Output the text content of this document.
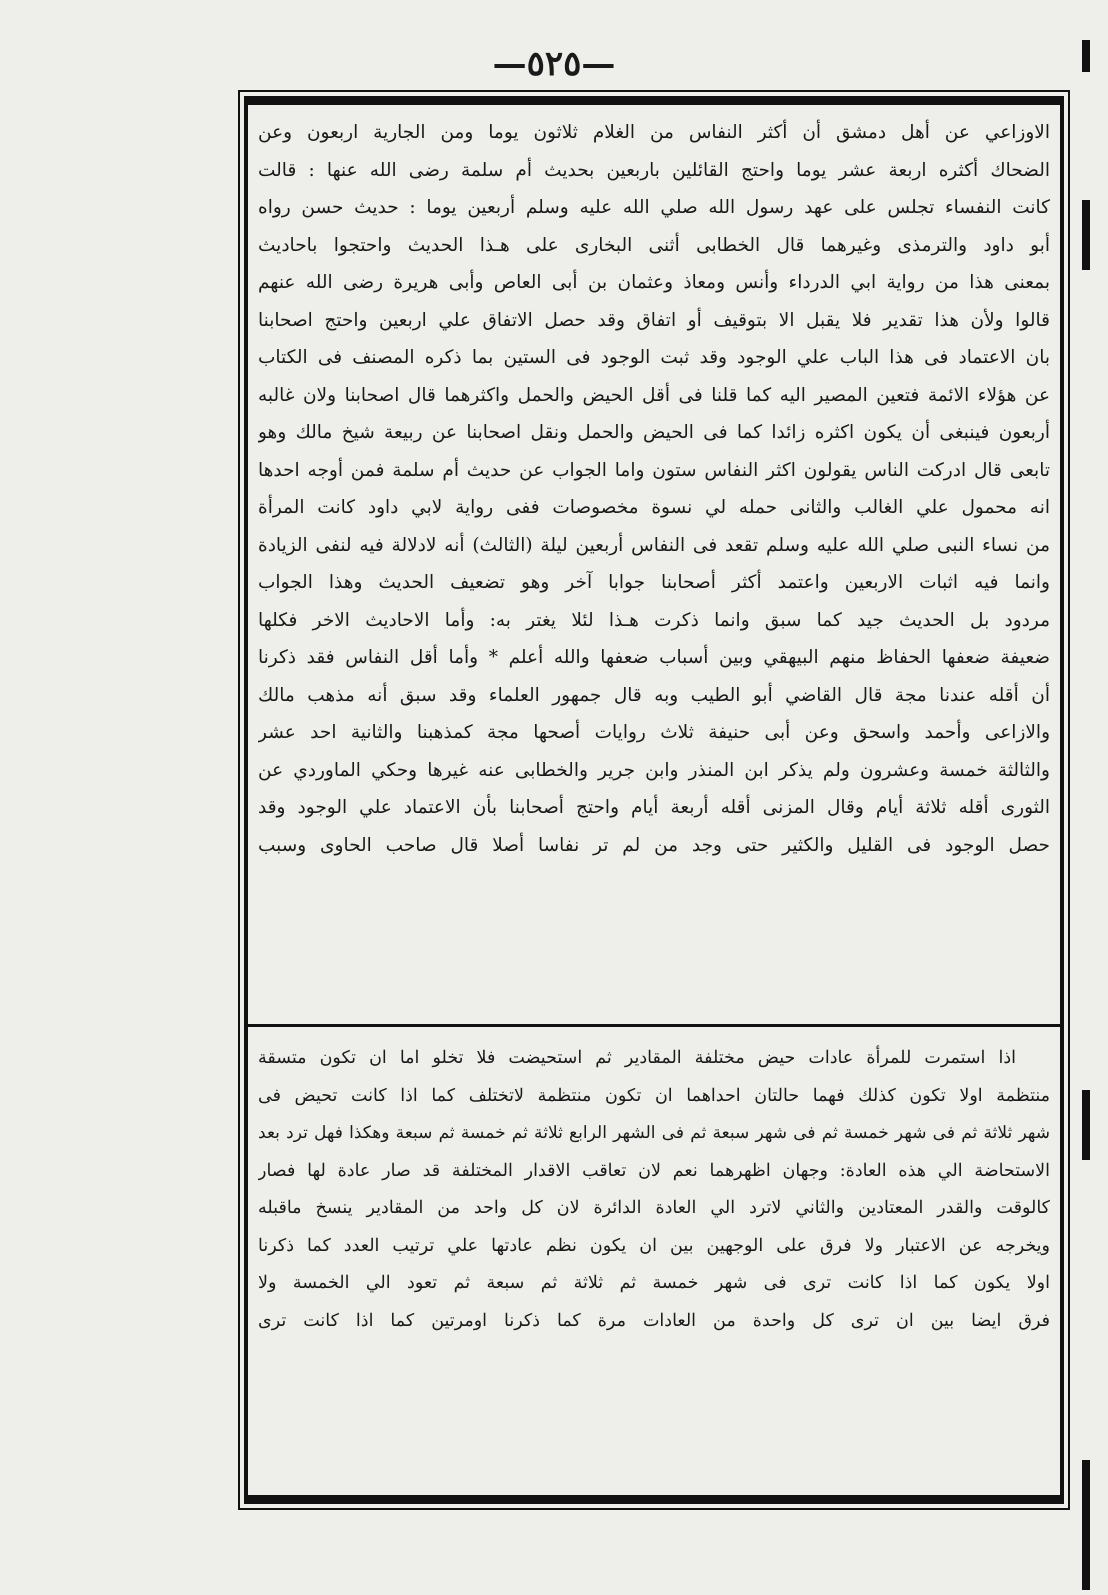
—٥٢٥—
الاوزاعي عن أهل دمشق أن أكثر النفاس من الغلام ثلاثون يوما ومن الجارية اربعون وعن
الضحاك أكثره اربعة عشر يوما واحتج القائلين باربعين بحديث أم سلمة رضى الله عنها : قالت
كانت النفساء تجلس على عهد رسول الله صلي الله عليه وسلم أربعين يوما : حديث حسن رواه
أبو داود والترمذى وغيرهما قال الخطابى أثنى البخارى على هـذا الحديث واحتجوا باحاديث
بمعنى هذا من رواية ابي الدرداء وأنس ومعاذ وعثمان بن أبى العاص وأبى هريرة رضى الله عنهم
قالوا ولأن هذا تقدير فلا يقبل الا بتوقيف أو اتفاق وقد حصل الاتفاق علي اربعين واحتج اصحابنا
بان الاعتماد فى هذا الباب علي الوجود وقد ثبت الوجود فى الستين بما ذكره المصنف فى الكتاب
عن هؤلاء الائمة فتعين المصير اليه كما قلنا فى أقل الحيض والحمل واكثرهما قال اصحابنا ولان غالبه
أربعون فينبغى أن يكون اكثره زائدا كما فى الحيض والحمل ونقل اصحابنا عن ربيعة شيخ مالك وهو
تابعى قال ادركت الناس يقولون اكثر النفاس ستون واما الجواب عن حديث أم سلمة فمن أوجه احدها
انه محمول علي الغالب والثانى حمله لي نسوة مخصوصات ففى رواية لابي داود كانت المرأة
من نساء النبى صلي الله عليه وسلم تقعد فى النفاس أربعين ليلة (الثالث) أنه لادلالة فيه لنفى الزيادة
وانما فيه اثبات الاربعين واعتمد أكثر أصحابنا جوابا آخر وهو تضعيف الحديث وهذا الجواب
مردود بل الحديث جيد كما سبق وانما ذكرت هـذا لئلا يغتر به: وأما الاحاديث الاخر فكلها
ضعيفة ضعفها الحفاظ منهم البيهقي وبين أسباب ضعفها والله أعلم * وأما أقل النفاس فقد ذكرنا
أن أقله عندنا مجة قال القاضي أبو الطيب وبه قال جمهور العلماء وقد سبق أنه مذهب مالك
والازاعى وأحمد واسحق وعن أبى حنيفة ثلاث روايات أصحها مجة كمذهبنا والثانية احد عشر
والثالثة خمسة وعشرون ولم يذكر ابن المنذر وابن جرير والخطابى عنه غيرها وحكي الماوردي عن
الثورى أقله ثلاثة أيام وقال المزنى أقله أربعة أيام واحتج أصحابنا بأن الاعتماد علي الوجود وقد
حصل الوجود فى القليل والكثير حتى وجد من لم تر نفاسا أصلا قال صاحب الحاوى وسبب
اذا استمرت للمرأة عادات حيض مختلفة المقادير ثم استحيضت فلا تخلو اما ان تكون متسقة
منتظمة اولا تكون كذلك فهما حالتان احداهما ان تكون منتظمة لاتختلف كما اذا كانت تحيض فى
شهر ثلاثة ثم فى شهر خمسة ثم فى شهر سبعة ثم فى الشهر الرابع ثلاثة ثم خمسة ثم سبعة وهكذا فهل ترد بعد
الاستحاضة الي هذه العادة: وجهان اظهرهما نعم لان تعاقب الاقدار المختلفة قد صار عادة لها فصار
كالوقت والقدر المعتادين والثاني لاترد الي العادة الدائرة لان كل واحد من المقادير ينسخ ماقبله
ويخرجه عن الاعتبار ولا فرق على الوجهين بين ان يكون نظم عادتها علي ترتيب العدد كما ذكرنا
اولا يكون كما اذا كانت ترى فى شهر خمسة ثم ثلاثة ثم سبعة ثم تعود الي الخمسة ولا
فرق ايضا بين ان ترى كل واحدة من العادات مرة كما ذكرنا اومرتين كما اذا كانت ترى
